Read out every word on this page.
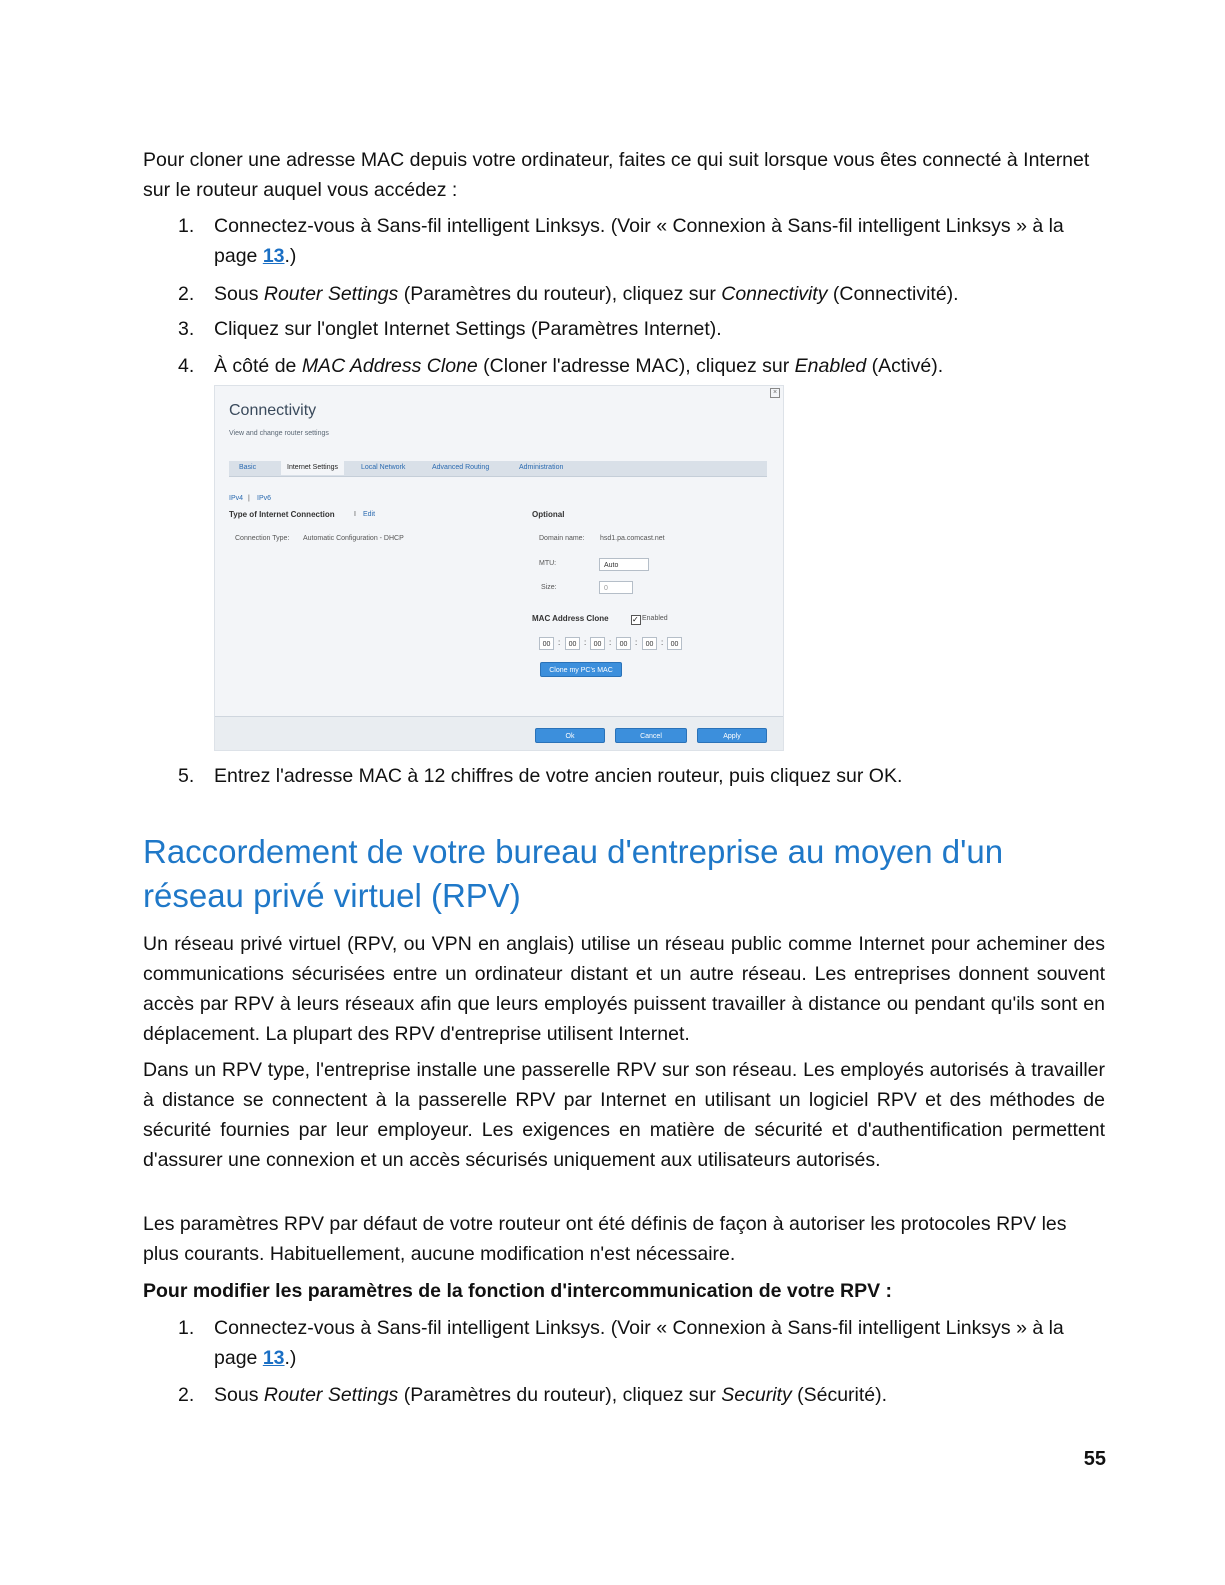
Pour cloner une adresse MAC depuis votre ordinateur, faites ce qui suit lorsque vous êtes connecté à Internet sur le routeur auquel vous accédez :

1.	Connectez-vous à Sans-fil intelligent Linksys. (Voir « Connexion à Sans-fil intelligent Linksys » à la page 13.)
2.	Sous Router Settings (Paramètres du routeur), cliquez sur Connectivity (Connectivité).
3.	Cliquez sur l'onglet Internet Settings (Paramètres Internet).
4.	À côté de MAC Address Clone (Cloner l'adresse MAC), cliquez sur Enabled (Activé).
×
Connectivity
View and change router settings
Basic	Internet Settings	Local Network	Advanced Routing	Administration
IPv4 | IPv6
Type of Internet Connection	I Edit
Connection Type: Automatic Configuration - DHCP
Optional
Domain name: hsd1.pa.comcast.net
MTU:	Auto
Size:	0
MAC Address Clone	✓ Enabled
00 :	00 :	00 :	00 :	00 :	00
Clone my PC's MAC
Ok	Cancel	Apply
5.	Entrez l'adresse MAC à 12 chiffres de votre ancien routeur, puis cliquez sur OK.
Raccordement de votre bureau d'entreprise au moyen d'un réseau privé virtuel (RPV)

Un réseau privé virtuel (RPV, ou VPN en anglais) utilise un réseau public comme Internet pour acheminer des communications sécurisées entre un ordinateur distant et un autre réseau. Les entreprises donnent souvent accès par RPV à leurs réseaux afin que leurs employés puissent travailler à distance ou pendant qu'ils sont en déplacement. La plupart des RPV d'entreprise utilisent Internet.

Dans un RPV type, l'entreprise installe une passerelle RPV sur son réseau. Les employés autorisés à travailler à distance se connectent à la passerelle RPV par Internet en utilisant un logiciel RPV et des méthodes de sécurité fournies par leur employeur. Les exigences en matière de sécurité et d'authentification permettent d'assurer une connexion et un accès sécurisés uniquement aux utilisateurs autorisés.

Les paramètres RPV par défaut de votre routeur ont été définis de façon à autoriser les protocoles RPV les plus courants. Habituellement, aucune modification n'est nécessaire.

Pour modifier les paramètres de la fonction d'intercommunication de votre RPV :

1.	Connectez-vous à Sans-fil intelligent Linksys. (Voir « Connexion à Sans-fil intelligent Linksys » à la page 13.)
2.	Sous Router Settings (Paramètres du routeur), cliquez sur Security (Sécurité).
55
